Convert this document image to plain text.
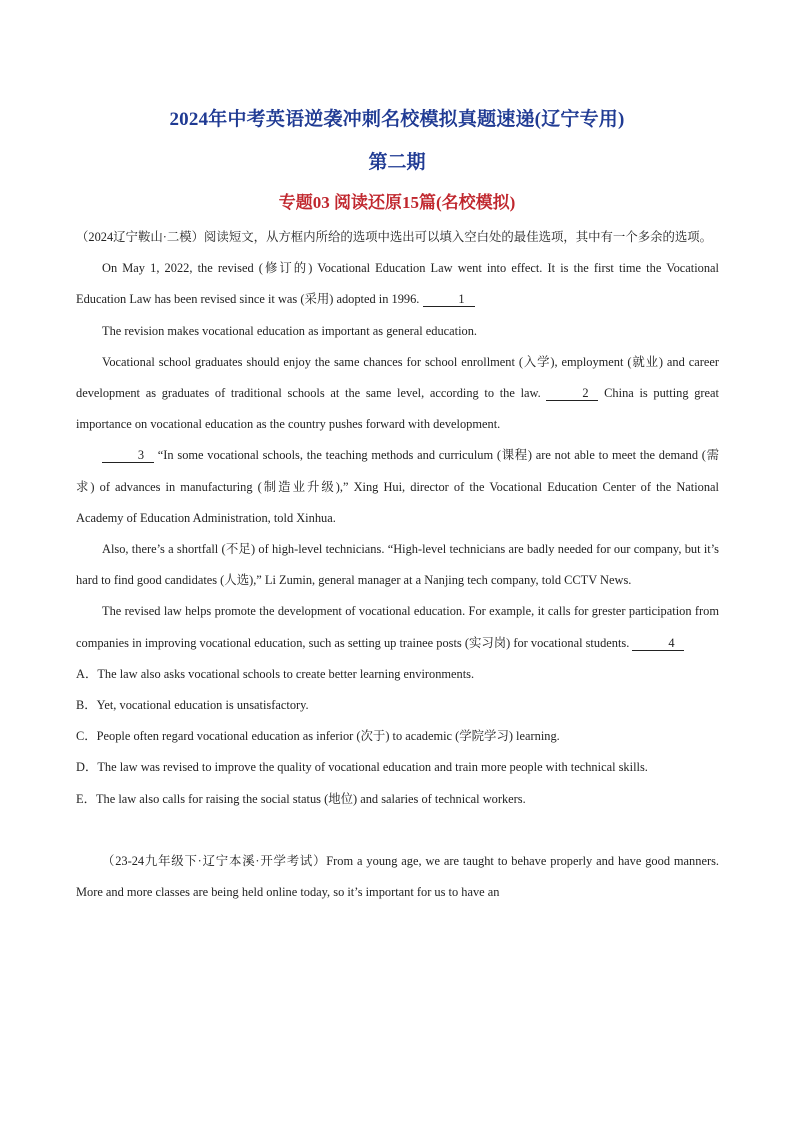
2024年中考英语逆袭冲刺名校模拟真题速递(辽宁专用)
第二期
专题03 阅读还原15篇(名校模拟)

（2024辽宁鞍山·二模）阅读短文，从方框内所给的选项中选出可以填入空白处的最佳选项，其中有一个多余的选项。

On May 1, 2022, the revised (修订的) Vocational Education Law went into effect. It is the first time the Vocational Education Law has been revised since it was (采用) adopted in 1996.	1

The revision makes vocational education as important as general education.

Vocational school graduates should enjoy the same chances for school enrollment (入学), employment (就业) and career development as graduates of traditional schools at the same level, according to the law.	2 China is putting great importance on vocational education as the country pushes forward with development.

3 “In some vocational schools, the teaching methods and curriculum (课程) are not able to meet the demand (需求) of advances in manufacturing (制造业升级),” Xing Hui, director of the Vocational Education Center of the National Academy of Education Administration, told Xinhua.

Also, there’s a shortfall (不足) of high-level technicians. “High-level technicians are badly needed for our company, but it’s hard to find good candidates (人选),” Li Zumin, general manager at a Nanjing tech company, told CCTV News.

The revised law helps promote the development of vocational education. For example, it calls for grester participation from companies in improving vocational education, such as setting up trainee posts (实习岗) for vocational students.	4

A．The law also asks vocational schools to create better learning environments.

B．Yet, vocational education is unsatisfactory.

C．People often regard vocational education as inferior (次于) to academic (学院学习) learning.

D．The law was revised to improve the quality of vocational education and train more people with technical skills.

E．The law also calls for raising the social status (地位) and salaries of technical workers.

（23-24九年级下·辽宁本溪·开学考试）From a young age, we are taught to behave properly and have good manners. More and more classes are being held online today, so it’s important for us to have an
